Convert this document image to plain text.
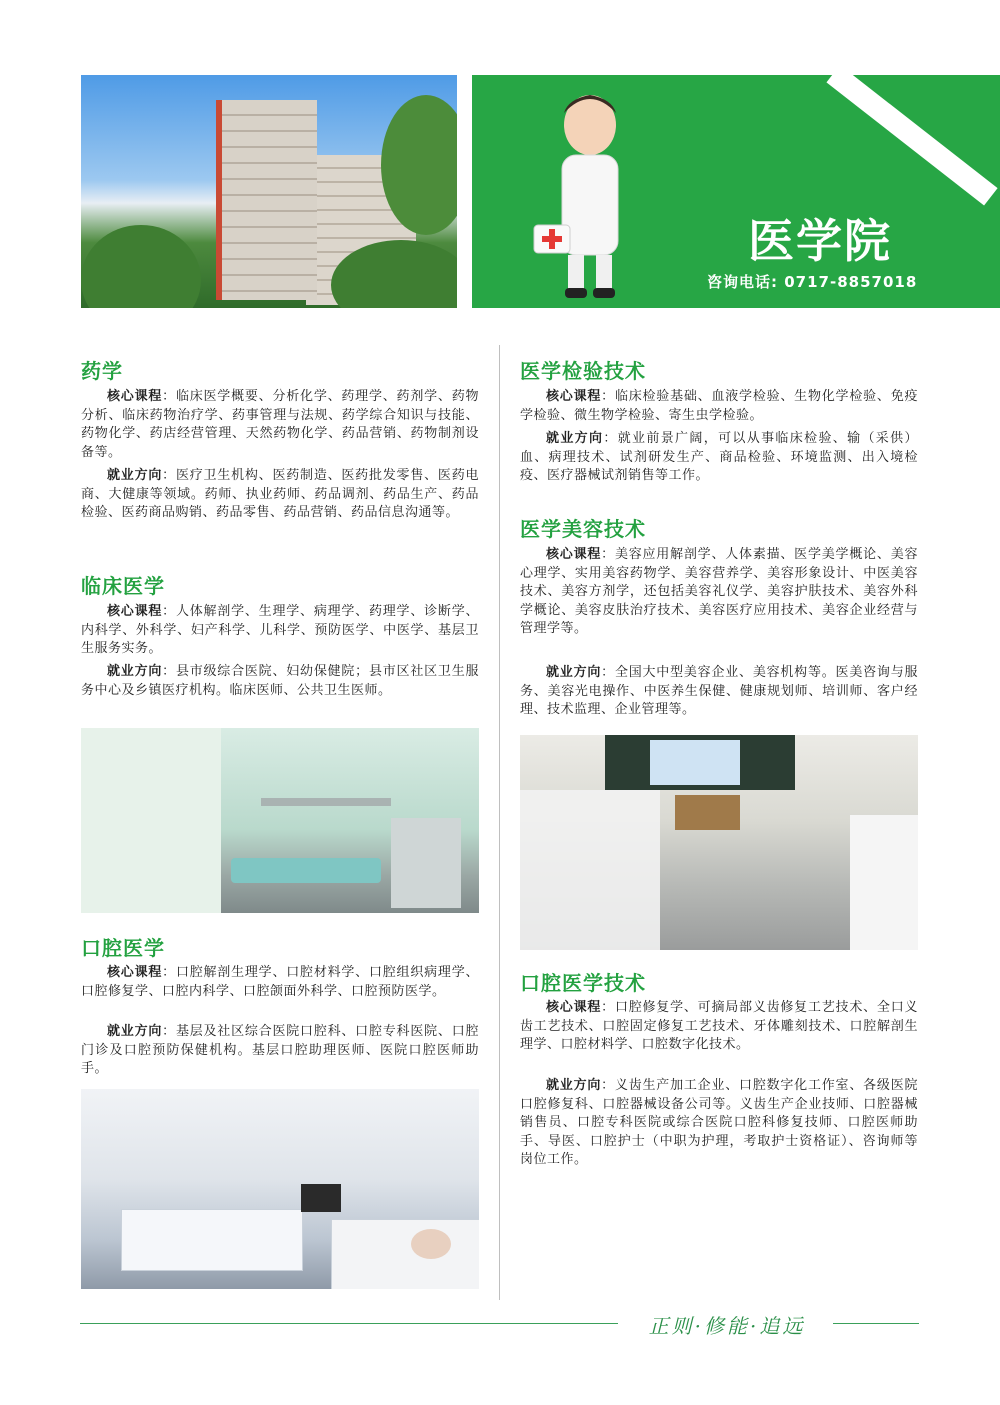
医学院
咨询电话: 0717-8857018
药学

核心课程：临床医学概要、分析化学、药理学、药剂学、药物分析、临床药物治疗学、药事管理与法规、药学综合知识与技能、药物化学、药店经营管理、天然药物化学、药品营销、药物制剂设备等。

就业方向：医疗卫生机构、医药制造、医药批发零售、医药电商、大健康等领域。药师、执业药师、药品调剂、药品生产、药品检验、医药商品购销、药品零售、药品营销、药品信息沟通等。

临床医学

核心课程：人体解剖学、生理学、病理学、药理学、诊断学、内科学、外科学、妇产科学、儿科学、预防医学、中医学、基层卫生服务实务。

就业方向：县市级综合医院、妇幼保健院；县市区社区卫生服务中心及乡镇医疗机构。临床医师、公共卫生医师。

口腔医学

核心课程：口腔解剖生理学、口腔材料学、口腔组织病理学、口腔修复学、口腔内科学、口腔颌面外科学、口腔预防医学。

就业方向：基层及社区综合医院口腔科、口腔专科医院、口腔门诊及口腔预防保健机构。基层口腔助理医师、医院口腔医师助手。

医学检验技术

核心课程：临床检验基础、血液学检验、生物化学检验、免疫学检验、微生物学检验、寄生虫学检验。

就业方向：就业前景广阔，可以从事临床检验、输（采供）血、病理技术、试剂研发生产、商品检验、环境监测、出入境检疫、医疗器械试剂销售等工作。

医学美容技术

核心课程：美容应用解剖学、人体素描、医学美学概论、美容心理学、实用美容药物学、美容营养学、美容形象设计、中医美容技术、美容方剂学，还包括美容礼仪学、美容护肤技术、美容外科学概论、美容皮肤治疗技术、美容医疗应用技术、美容企业经营与管理学等。

就业方向：全国大中型美容企业、美容机构等。医美咨询与服务、美容光电操作、中医养生保健、健康规划师、培训师、客户经理、技术监理、企业管理等。

口腔医学技术

核心课程：口腔修复学、可摘局部义齿修复工艺技术、全口义齿工艺技术、口腔固定修复工艺技术、牙体雕刻技术、口腔解剖生理学、口腔材料学、口腔数字化技术。

就业方向：义齿生产加工企业、口腔数字化工作室、各级医院口腔修复科、口腔器械设备公司等。义齿生产企业技师、口腔器械销售员、口腔专科医院或综合医院口腔科修复技师、口腔医师助手、导医、口腔护士（中职为护理，考取护士资格证）、咨询师等岗位工作。

正则·修能·追远
